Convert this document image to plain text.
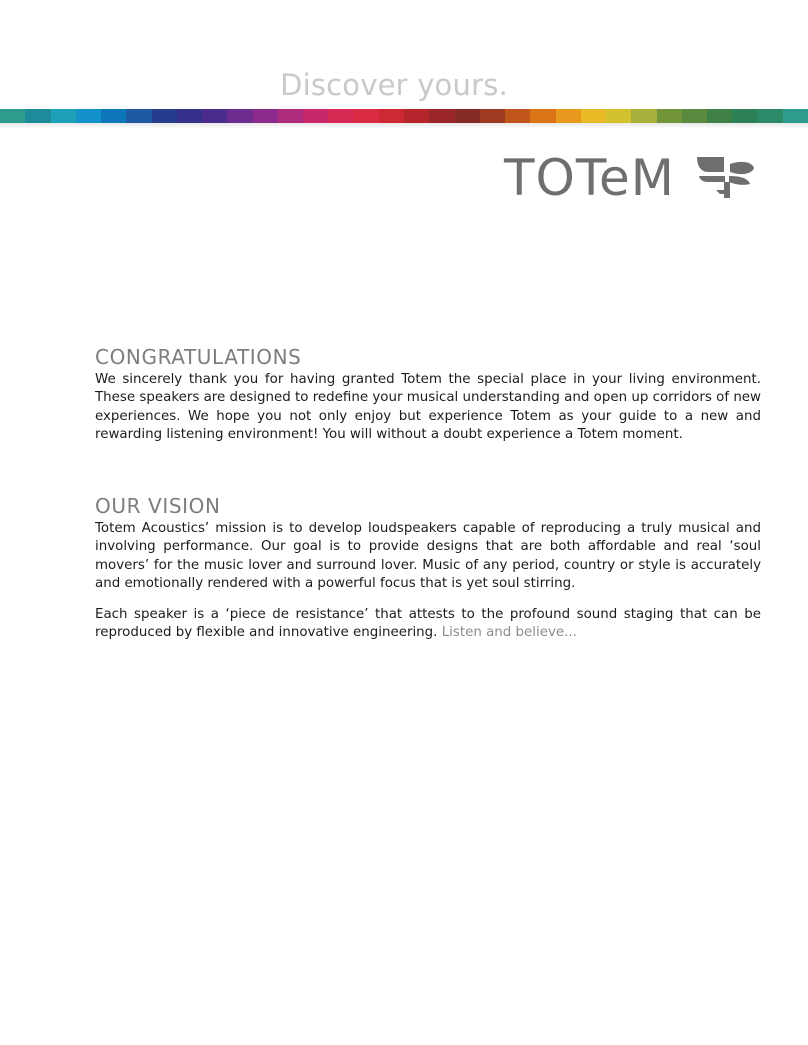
Discover yours.
TOTeM
CONGRATULATIONS

We sincerely thank you for having granted Totem the special place in your living environment. These speakers are designed to redefine your musical understanding and open up corridors of new experiences. We hope you not only enjoy but experience Totem as your guide to a new and rewarding listening environment! You will without a doubt experience a Totem moment.

OUR VISION

Totem Acoustics’ mission is to develop loudspeakers capable of reproducing a truly musical and involving performance. Our goal is to provide designs that are both affordable and real ‘soul movers’ for the music lover and surround lover. Music of any period, country or style is accurately and emotionally rendered with a powerful focus that is yet soul stirring.

Each speaker is a ‘piece de resistance’ that attests to the profound sound staging that can be reproduced by flexible and innovative engineering. Listen and believe...
